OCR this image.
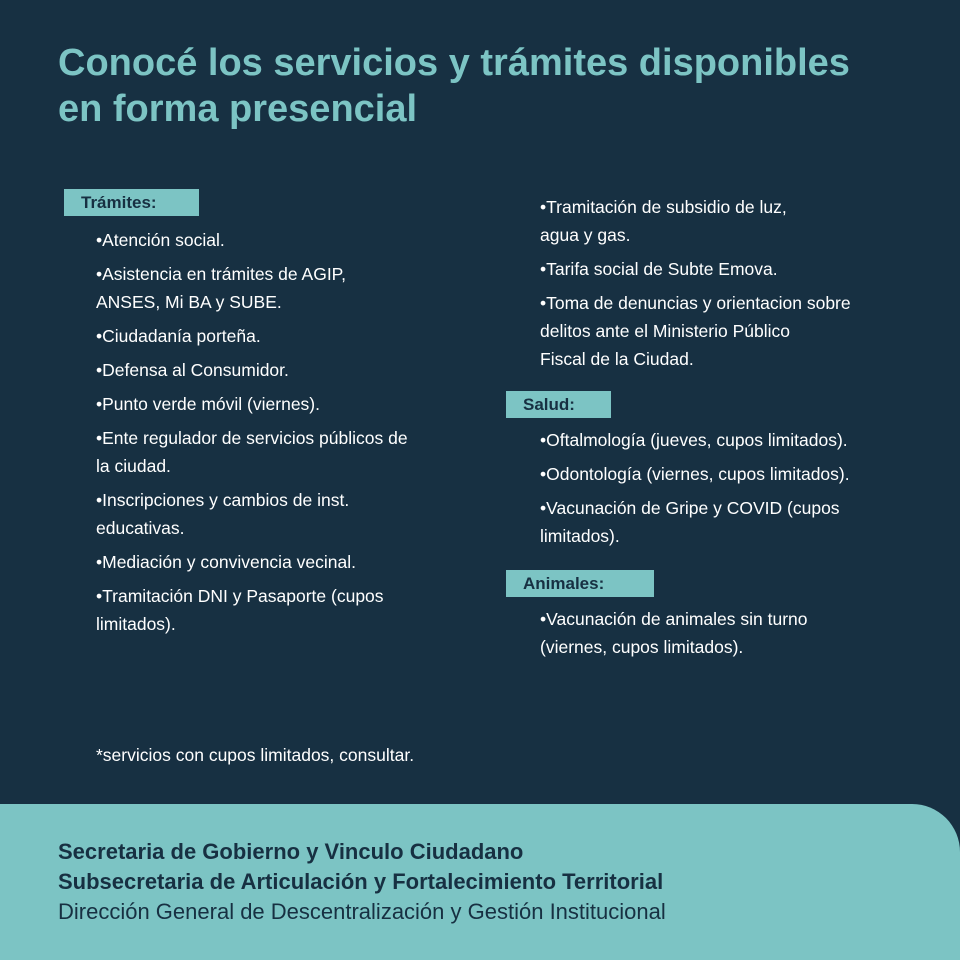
Conocé los servicios y trámites disponibles
en forma presencial
Trámites:
•Atención social.
•Asistencia en trámites de AGIP,
ANSES, Mi BA y SUBE.
•Ciudadanía porteña.
•Defensa al Consumidor.
•Punto verde móvil (viernes).
•Ente regulador de servicios públicos de
la ciudad.
•Inscripciones y cambios de inst.
educativas.
•Mediación y convivencia vecinal.
•Tramitación DNI y Pasaporte (cupos
limitados).
•Tramitación de subsidio de luz,
agua y gas.
•Tarifa social de Subte Emova.
•Toma de denuncias y orientacion sobre
delitos ante el Ministerio Público
Fiscal de la Ciudad.
Salud:
•Oftalmología (jueves, cupos limitados).
•Odontología (viernes, cupos limitados).
•Vacunación de Gripe y COVID (cupos
limitados).
Animales:
•Vacunación de animales sin turno
(viernes, cupos limitados).
*servicios con cupos limitados, consultar.

Secretaria de Gobierno y Vinculo Ciudadano

Subsecretaria de Articulación y Fortalecimiento Territorial

Dirección General de Descentralización y Gestión Institucional
